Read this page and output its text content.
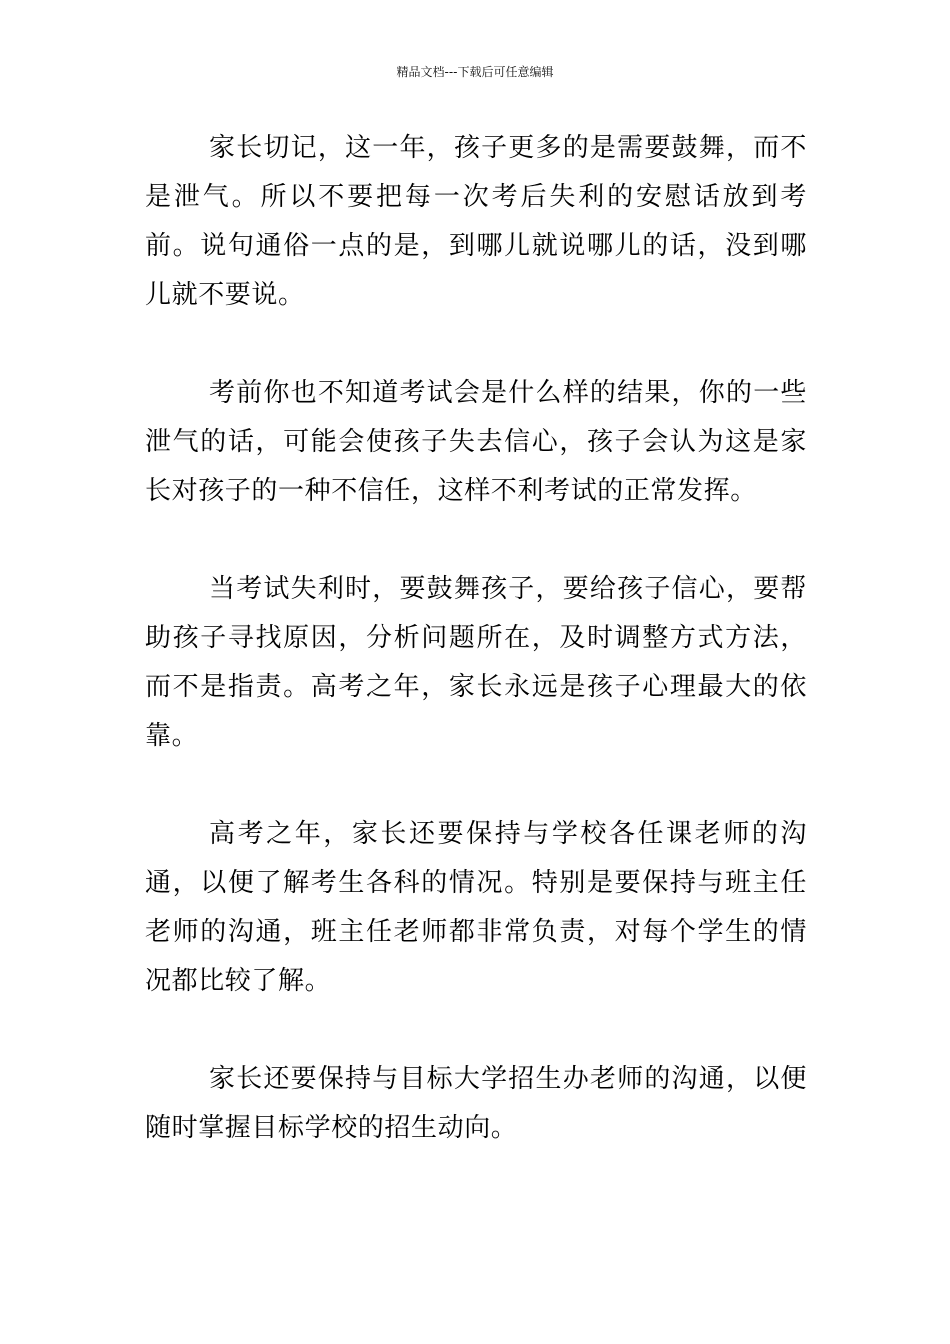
精品文档---下载后可任意编辑

家长切记，这一年，孩子更多的是需要鼓舞，而不是泄气。所以不要把每一次考后失利的安慰话放到考前。说句通俗一点的是，到哪儿就说哪儿的话，没到哪儿就不要说。

考前你也不知道考试会是什么样的结果，你的一些泄气的话，可能会使孩子失去信心，孩子会认为这是家长对孩子的一种不信任，这样不利考试的正常发挥。

当考试失利时，要鼓舞孩子，要给孩子信心，要帮助孩子寻找原因，分析问题所在，及时调整方式方法，而不是指责。高考之年，家长永远是孩子心理最大的依靠。

高考之年，家长还要保持与学校各任课老师的沟通，以便了解考生各科的情况。特别是要保持与班主任老师的沟通，班主任老师都非常负责，对每个学生的情况都比较了解。

家长还要保持与目标大学招生办老师的沟通，以便随时掌握目标学校的招生动向。
